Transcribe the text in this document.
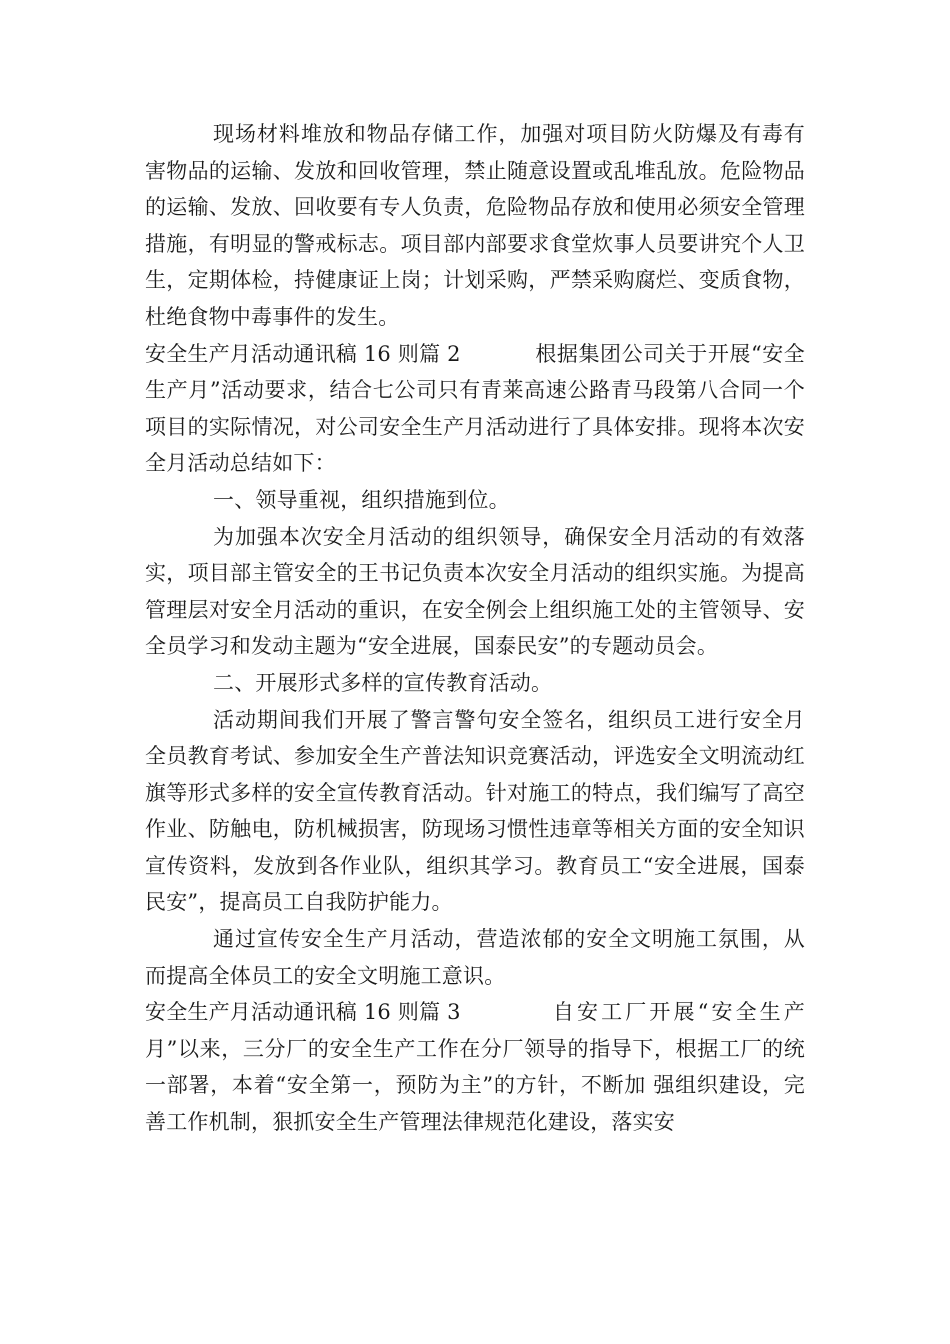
现场材料堆放和物品存储工作，加强对项目防火防爆及有毒有害物品的运输、发放和回收管理，禁止随意设置或乱堆乱放。危险物品的运输、发放、回收要有专人负责，危险物品存放和使用必须安全管理措施，有明显的警戒标志。项目部内部要求食堂炊事人员要讲究个人卫生，定期体检，持健康证上岗；计划采购，严禁采购腐烂、变质食物，杜绝食物中毒事件的发生。

安全生产月活动通讯稿 16 则篇 2	根据集团公司关于开展“安全生产月”活动要求，结合七公司只有青莱高速公路青马段第八合同一个项目的实际情况，对公司安全生产月活动进行了具体安排。现将本次安全月活动总结如下：

一、领导重视，组织措施到位。

为加强本次安全月活动的组织领导，确保安全月活动的有效落实，项目部主管安全的王书记负责本次安全月活动的组织实施。为提高管理层对安全月活动的重识，在安全例会上组织施工处的主管领导、安全员学习和发动主题为“安全进展，国泰民安”的专题动员会。

二、开展形式多样的宣传教育活动。

活动期间我们开展了警言警句安全签名，组织员工进行安全月全员教育考试、参加安全生产普法知识竞赛活动，评选安全文明流动红旗等形式多样的安全宣传教育活动。针对施工的特点，我们编写了高空作业、防触电，防机械损害，防现场习惯性违章等相关方面的安全知识宣传资料，发放到各作业队，组织其学习。教育员工“安全进展，国泰民安”，提高员工自我防护能力。

通过宣传安全生产月活动，营造浓郁的安全文明施工氛围，从而提高全体员工的安全文明施工意识。

安全生产月活动通讯稿 16 则篇 3	自安工厂开展“安全生产月”以来，三分厂的安全生产工作在分厂领导的指导下，根据工厂的统一部署，本着“安全第一，预防为主”的方针，不断加 强组织建设，完善工作机制，狠抓安全生产管理法律规范化建设，落实安
